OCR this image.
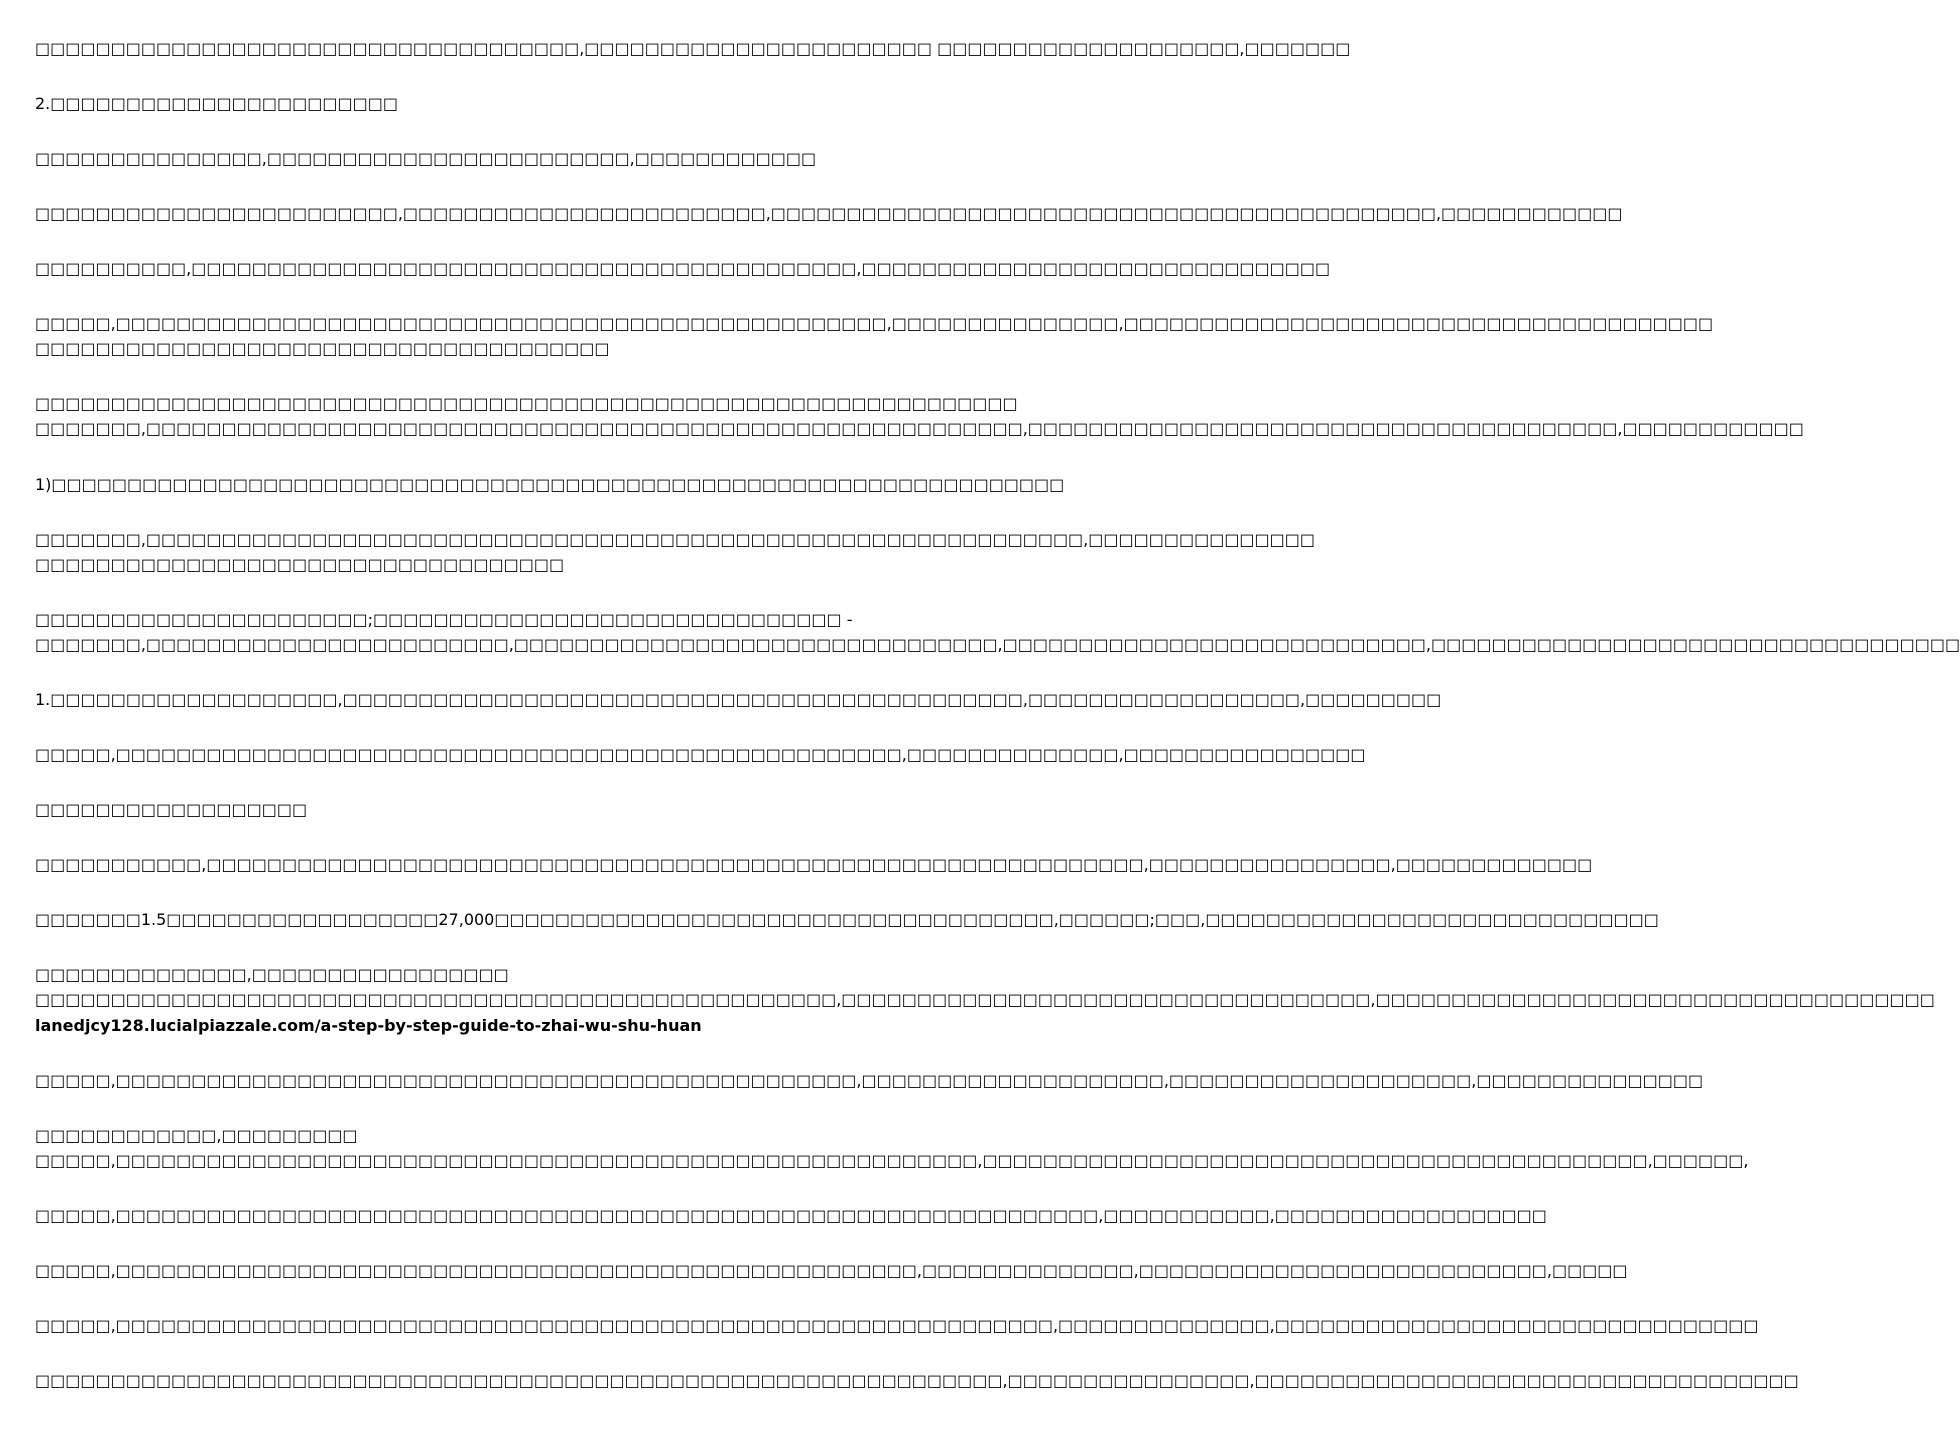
□□□□□□□□□□□□□□□□□□□□□□□□□□□□□□□□□□□□,□□□□□□□□□□□□□□□□□□□□□□□ □□□□□□□□□□□□□□□□□□□□,□□□□□□□

2.□□□□□□□□□□□□□□□□□□□□□□□

□□□□□□□□□□□□□□□,□□□□□□□□□□□□□□□□□□□□□□□□,□□□□□□□□□□□□

□□□□□□□□□□□□□□□□□□□□□□□□,□□□□□□□□□□□□□□□□□□□□□□□□,□□□□□□□□□□□□□□□□□□□□□□□□□□□□□□□□□□□□□□□□□□□□,□□□□□□□□□□□□

□□□□□□□□□□,□□□□□□□□□□□□□□□□□□□□□□□□□□□□□□□□□□□□□□□□□□□□,□□□□□□□□□□□□□□□□□□□□□□□□□□□□□□□

□□□□□,□□□□□□□□□□□□□□□□□□□□□□□□□□□□□□□□□□□□□□□□□□□□□□□□□□□,□□□□□□□□□□□□□□□,□□□□□□□□□□□□□□□□□□□□□□□□□□□□□□□□□□□□□□□

□□□□□□□□□□□□□□□□□□□□□□□□□□□□□□□□□□□□□□

□□□□□□□□□□□□□□□□□□□□□□□□□□□□□□□□□□□□□□□□□□□□□□□□□□□□□□□□□□□□□□□□□

□□□□□□□,□□□□□□□□□□□□□□□□□□□□□□□□□□□□□□□□□□□□□□□□□□□□□□□□□□□□□□□□□□,□□□□□□□□□□□□□□□□□□□□□□□□□□□□□□□□□□□□□□□,□□□□□□□□□□□□

1)□□□□□□□□□□□□□□□□□□□□□□□□□□□□□□□□□□□□□□□□□□□□□□□□□□□□□□□□□□□□□□□□□□□

□□□□□□□,□□□□□□□□□□□□□□□□□□□□□□□□□□□□□□□□□□□□□□□□□□□□□□□□□□□□□□□□□□□□□□,□□□□□□□□□□□□□□□

□□□□□□□□□□□□□□□□□□□□□□□□□□□□□□□□□□□

□□□□□□□□□□□□□□□□□□□□□□;□□□□□□□□□□□□□□□□□□□□□□□□□□□□□□□ -

□□□□□□□,□□□□□□□□□□□□□□□□□□□□□□□□,□□□□□□□□□□□□□□□□□□□□□□□□□□□□□□□□,□□□□□□□□□□□□□□□□□□□□□□□□□□□□,□□□□□□□□□□□□□□□□□□□□□□□□□□□□□□□□□□□

1.□□□□□□□□□□□□□□□□□□□,□□□□□□□□□□□□□□□□□□□□□□□□□□□□□□□□□□□□□□□□□□□□□,□□□□□□□□□□□□□□□□□□,□□□□□□□□□

□□□□□,□□□□□□□□□□□□□□□□□□□□□□□□□□□□□□□□□□□□□□□□□□□□□□□□□□□□,□□□□□□□□□□□□□□,□□□□□□□□□□□□□□□□

□□□□□□□□□□□□□□□□□□

□□□□□□□□□□□,□□□□□□□□□□□□□□□□□□□□□□□□□□□□□□□□□□□□□□□□□□□□□□□□□□□□□□□□□□□□□□,□□□□□□□□□□□□□□□□,□□□□□□□□□□□□□

□□□□□□□1.5□□□□□□□□□□□□□□□□□□27,000□□□□□□□□□□□□□□□□□□□□□□□□□□□□□□□□□□□□□,□□□□□□;□□□,□□□□□□□□□□□□□□□□□□□□□□□□□□□□□□

□□□□□□□□□□□□□□,□□□□□□□□□□□□□□□□□

□□□□□□□□□□□□□□□□□□□□□□□□□□□□□□□□□□□□□□□□□□□□□□□□□□□□□,□□□□□□□□□□□□□□□□□□□□□□□□□□□□□□□□□□□,□□□□□□□□□□□□□□□□□□□□□□□□□□□□□□□□□□□□□

lanedjcy128.lucialpiazzale.com/a-step-by-step-guide-to-zhai-wu-shu-huan

□□□□□,□□□□□□□□□□□□□□□□□□□□□□□□□□□□□□□□□□□□□□□□□□□□□□□□□,□□□□□□□□□□□□□□□□□□□□,□□□□□□□□□□□□□□□□□□□□,□□□□□□□□□□□□□□□

□□□□□□□□□□□□,□□□□□□□□□

□□□□□,□□□□□□□□□□□□□□□□□□□□□□□□□□□□□□□□□□□□□□□□□□□□□□□□□□□□□□□□□,□□□□□□□□□□□□□□□□□□□□□□□□□□□□□□□□□□□□□□□□□□□□,□□□□□□,

□□□□□,□□□□□□□□□□□□□□□□□□□□□□□□□□□□□□□□□□□□□□□□□□□□□□□□□□□□□□□□□□□□□□□□□,□□□□□□□□□□□,□□□□□□□□□□□□□□□□□□

□□□□□,□□□□□□□□□□□□□□□□□□□□□□□□□□□□□□□□□□□□□□□□□□□□□□□□□□□□□,□□□□□□□□□□□□□□,□□□□□□□□□□□□□□□□□□□□□□□□□□□,□□□□□

□□□□□,□□□□□□□□□□□□□□□□□□□□□□□□□□□□□□□□□□□□□□□□□□□□□□□□□□□□□□□□□□□□□□,□□□□□□□□□□□□□□,□□□□□□□□□□□□□□□□□□□□□□□□□□□□□□□□

□□□□□□□□□□□□□□□□□□□□□□□□□□□□□□□□□□□□□□□□□□□□□□□□□□□□□□□□□□□□□□□□,□□□□□□□□□□□□□□□□,□□□□□□□□□□□□□□□□□□□□□□□□□□□□□□□□□□□□
